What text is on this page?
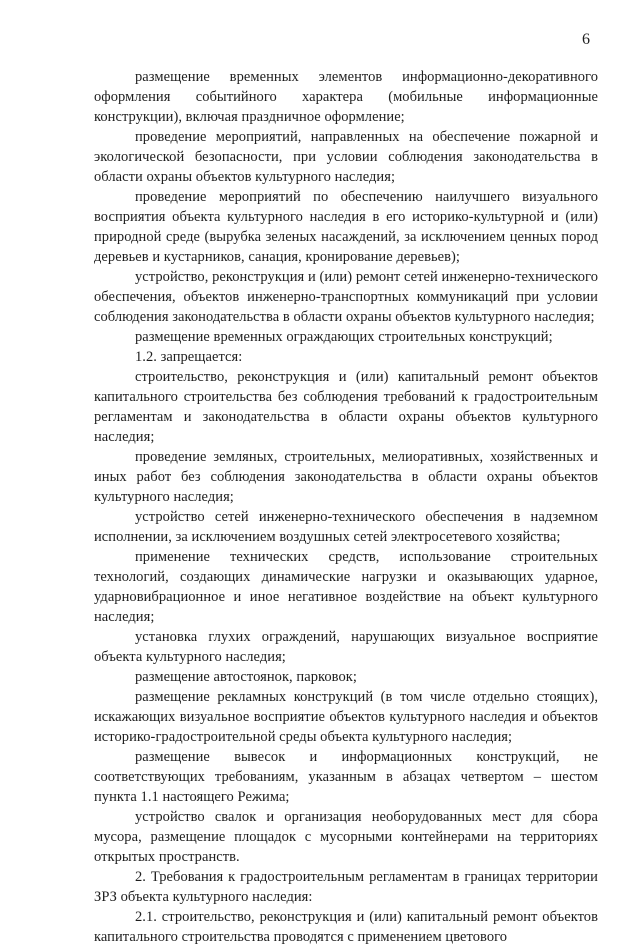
6

размещение временных элементов информационно-декоративного оформления событийного характера (мобильные информационные конструкции), включая праздничное оформление;

проведение мероприятий, направленных на обеспечение пожарной и экологической безопасности, при условии соблюдения законодательства в области охраны объектов культурного наследия;

проведение мероприятий по обеспечению наилучшего визуального восприятия объекта культурного наследия в его историко-культурной и (или) природной среде (вырубка зеленых насаждений, за исключением ценных пород деревьев и кустарников, санация, кронирование деревьев);

устройство, реконструкция и (или) ремонт сетей инженерно-технического обеспечения, объектов инженерно-транспортных коммуникаций при условии соблюдения законодательства в области охраны объектов культурного наследия;

размещение временных ограждающих строительных конструкций;

1.2. запрещается:

строительство, реконструкция и (или) капитальный ремонт объектов капитального строительства без соблюдения требований к градостроительным регламентам и законодательства в области охраны объектов культурного наследия;

проведение земляных, строительных, мелиоративных, хозяйственных и иных работ без соблюдения законодательства в области охраны объектов культурного наследия;

устройство сетей инженерно-технического обеспечения в надземном исполнении, за исключением воздушных сетей электросетевого хозяйства;

применение технических средств, использование строительных технологий, создающих динамические нагрузки и оказывающих ударное, ударновибрационное и иное негативное воздействие на объект культурного наследия;

установка глухих ограждений, нарушающих визуальное восприятие объекта культурного наследия;

размещение автостоянок, парковок;

размещение рекламных конструкций (в том числе отдельно стоящих), искажающих визуальное восприятие объектов культурного наследия и объектов историко-градостроительной среды объекта культурного наследия;

размещение вывесок и информационных конструкций, не соответствующих требованиям, указанным в абзацах четвертом – шестом пункта 1.1 настоящего Режима;

устройство свалок и организация необорудованных мест для сбора мусора, размещение площадок с мусорными контейнерами на территориях открытых пространств.

2. Требования к градостроительным регламентам в границах территории ЗРЗ объекта культурного наследия:

2.1. строительство, реконструкция и (или) капитальный ремонт объектов капитального строительства проводятся с применением цветового
